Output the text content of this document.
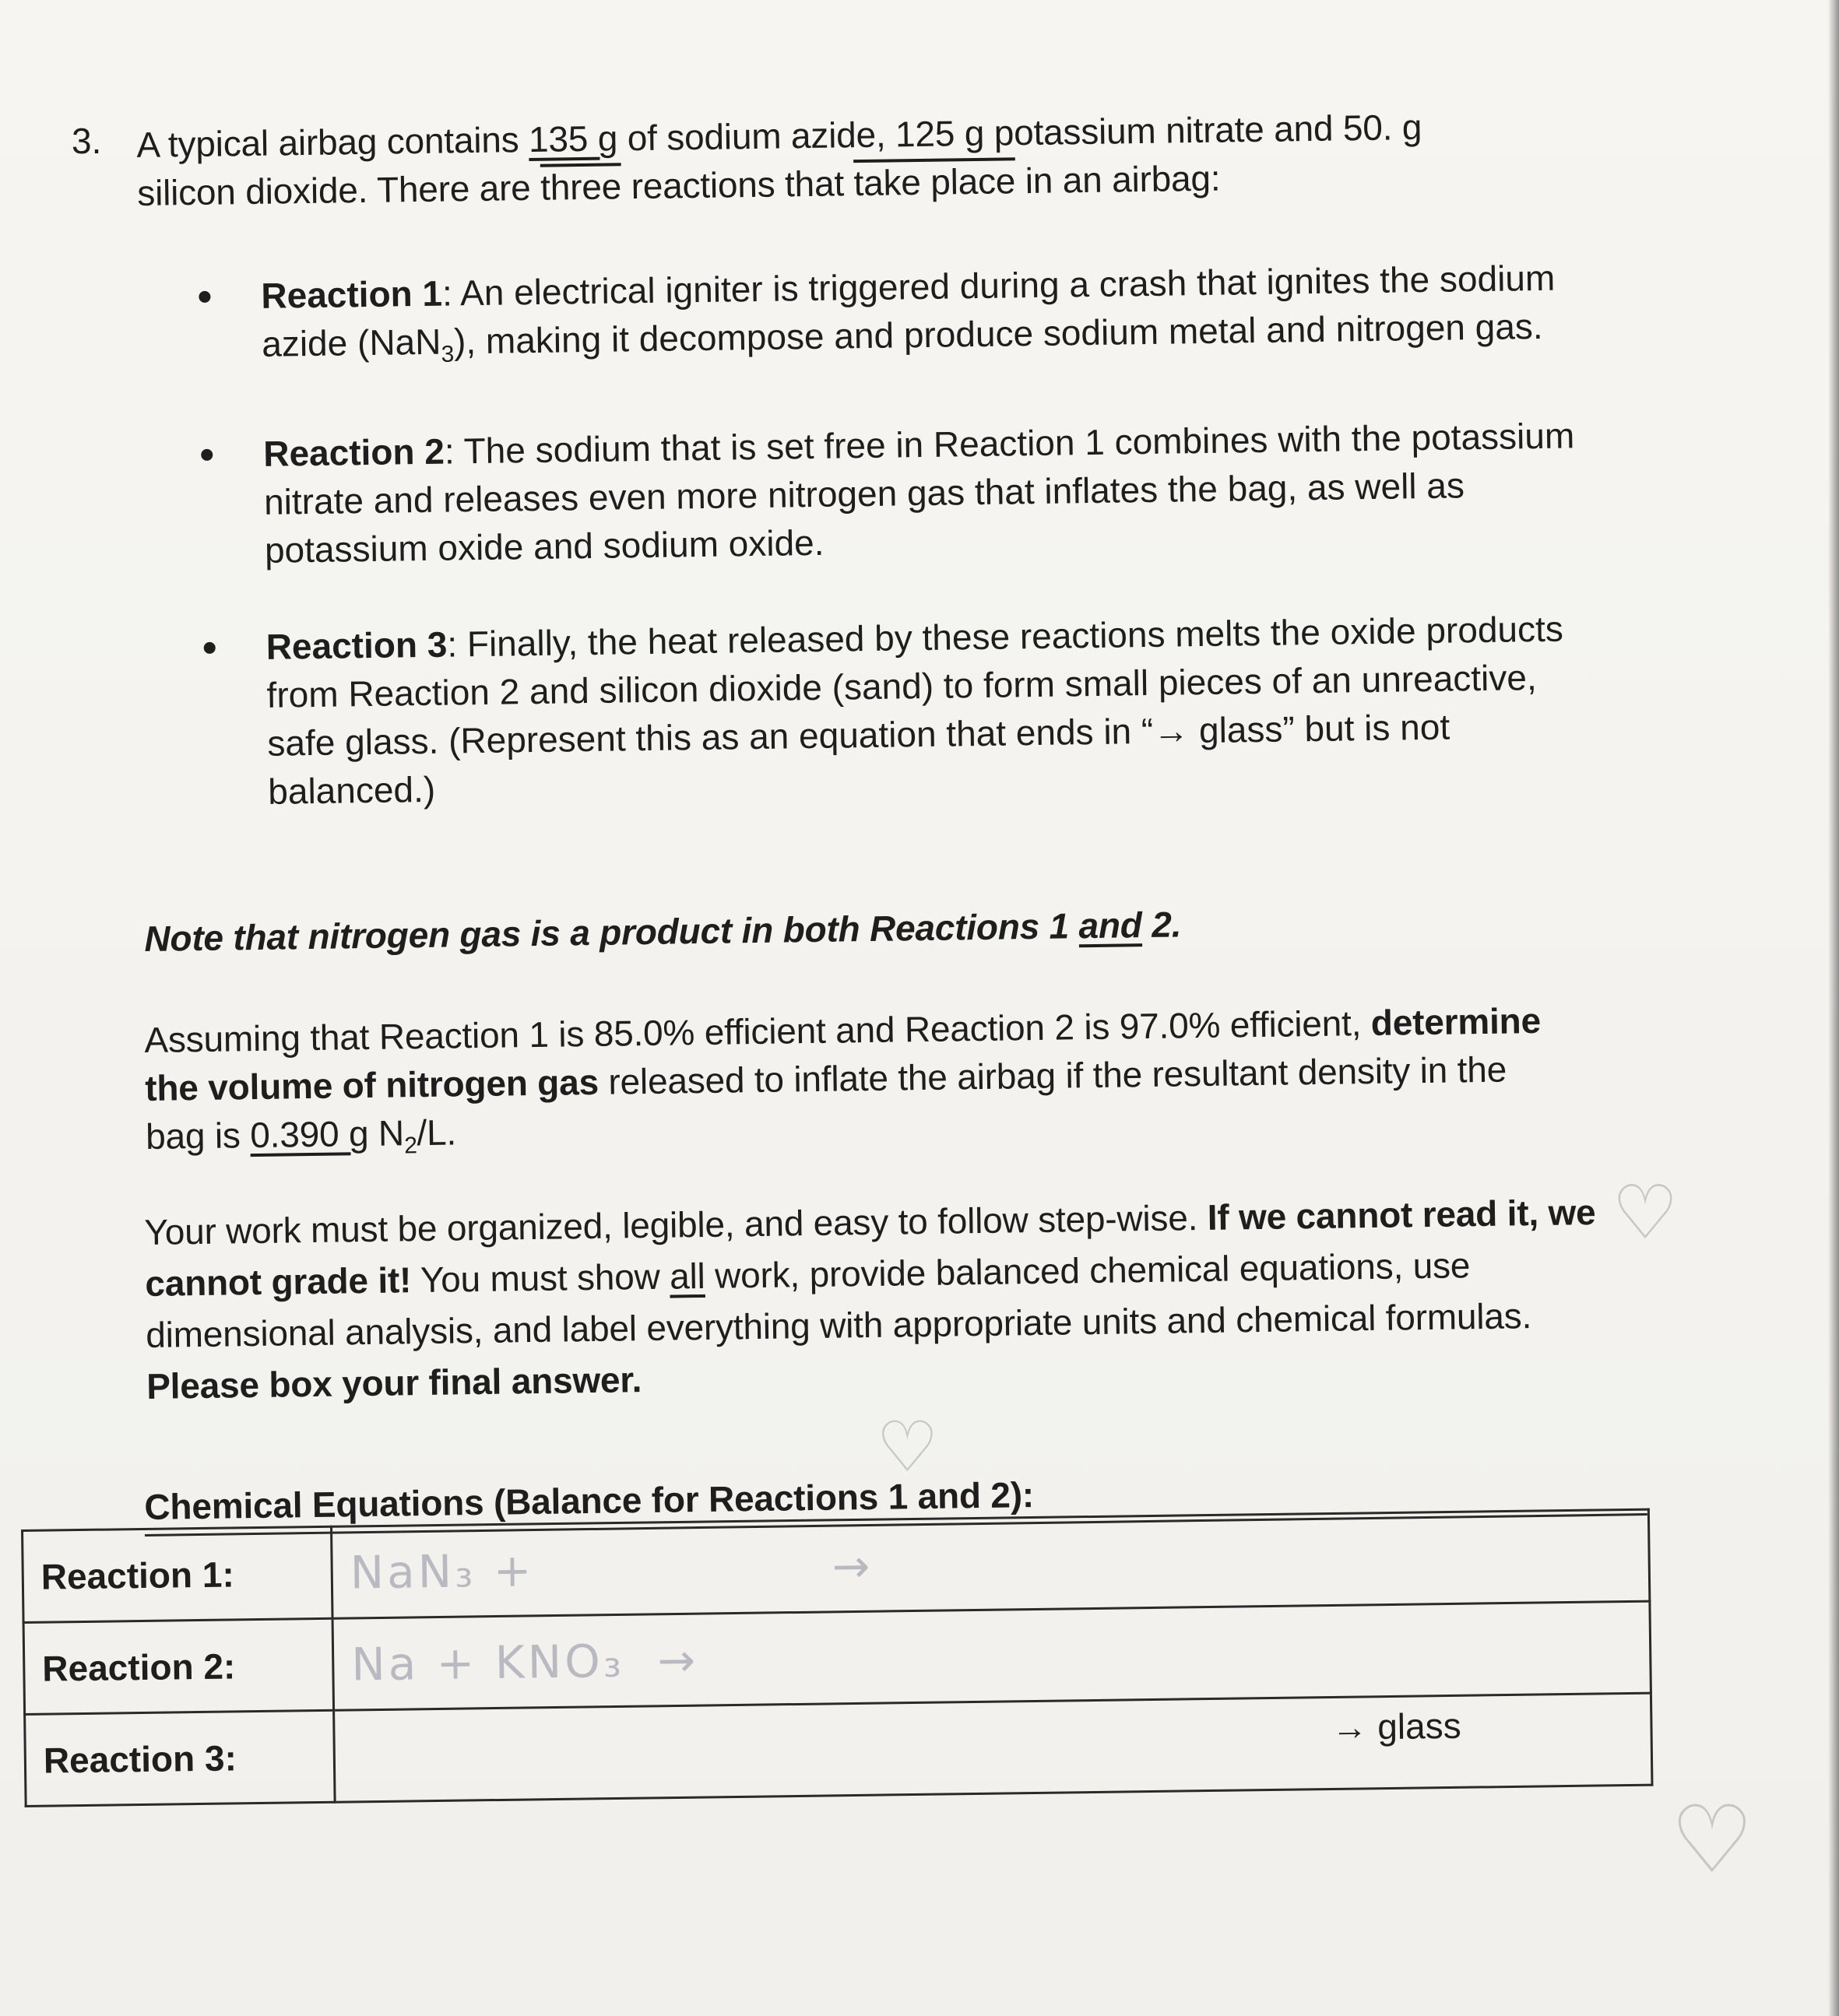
3. A typical airbag contains 135 g of sodium azide, 125 g potassium nitrate and 50. g
silicon dioxide. There are three reactions that take place in an airbag:
Reaction 1: An electrical igniter is triggered during a crash that ignites the sodium azide (NaN$_3$), making it decompose and produce sodium metal and nitrogen gas.
Reaction 2: The sodium that is set free in Reaction 1 combines with the potassium nitrate and releases even more nitrogen gas that inflates the bag, as well as potassium oxide and sodium oxide.
Reaction 3: Finally, the heat released by these reactions melts the oxide products from Reaction 2 and silicon dioxide (sand) to form small pieces of an unreactive, safe glass. (Represent this as an equation that ends in “→ glass” but is not balanced.)
Note that nitrogen gas is a product in both Reactions 1 and 2.
Assuming that Reaction 1 is 85.0% efficient and Reaction 2 is 97.0% efficient, determine the volume of nitrogen gas released to inflate the airbag if the resultant density in the bag is 0.390 g $N_2/L$.
Your work must be organized, legible, and easy to follow step-wise. If we cannot read it, we cannot grade it! You must show all work, provide balanced chemical equations, use dimensional analysis, and label everything with appropriate units and chemical formulas. Please box your final answer.
Chemical Equations (Balance for Reactions 1 and 2):
Reaction 1:	NaN₃ + →
Reaction 2:	Na + KNO₃ →
Reaction 3:	→ glass
♡
♡
♡
